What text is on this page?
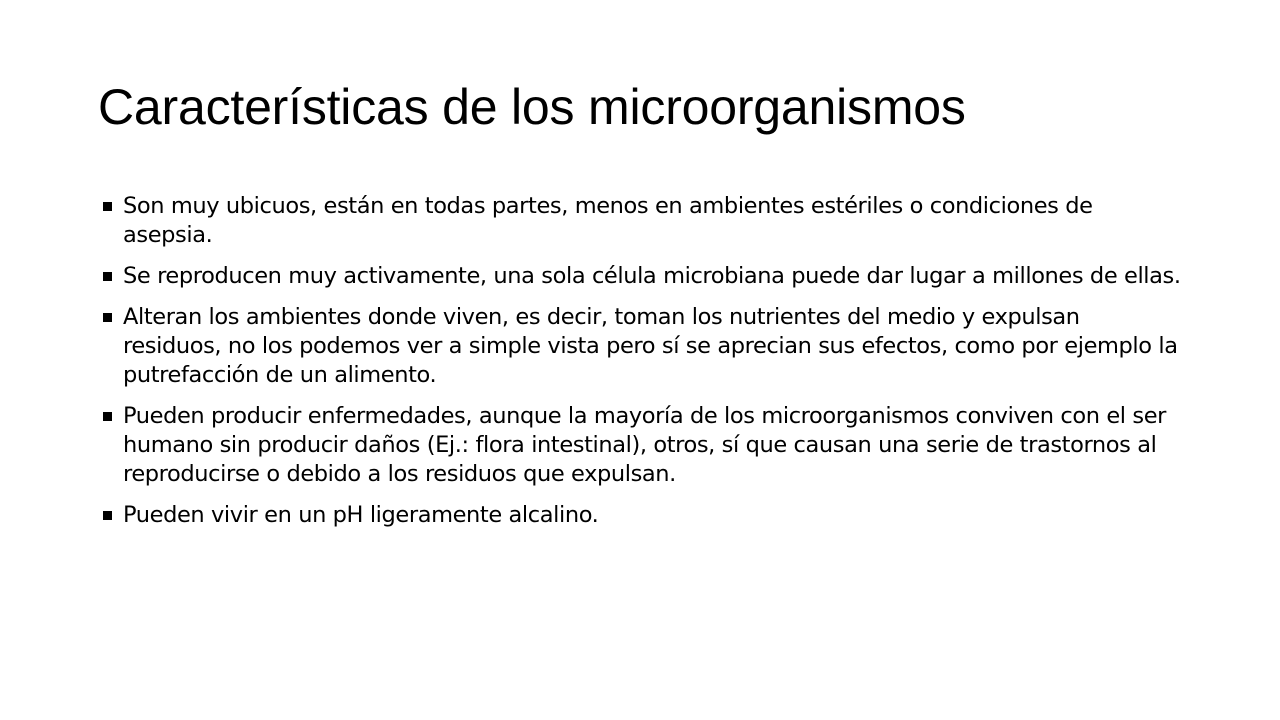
Características de los microorganismos
Son muy ubicuos, están en todas partes, menos en ambientes estériles o condiciones de asepsia.
Se reproducen muy activamente, una sola célula microbiana puede dar lugar a millones de ellas.
Alteran los ambientes donde viven, es decir, toman los nutrientes del medio y expulsan residuos, no los podemos ver a simple vista pero sí se aprecian sus efectos, como por ejemplo la putrefacción de un alimento.
Pueden producir enfermedades, aunque la mayoría de los microorganismos conviven con el ser humano sin producir daños (Ej.: flora intestinal), otros, sí que causan una serie de trastornos al reproducirse o debido a los residuos que expulsan.
Pueden vivir en un pH ligeramente alcalino.
